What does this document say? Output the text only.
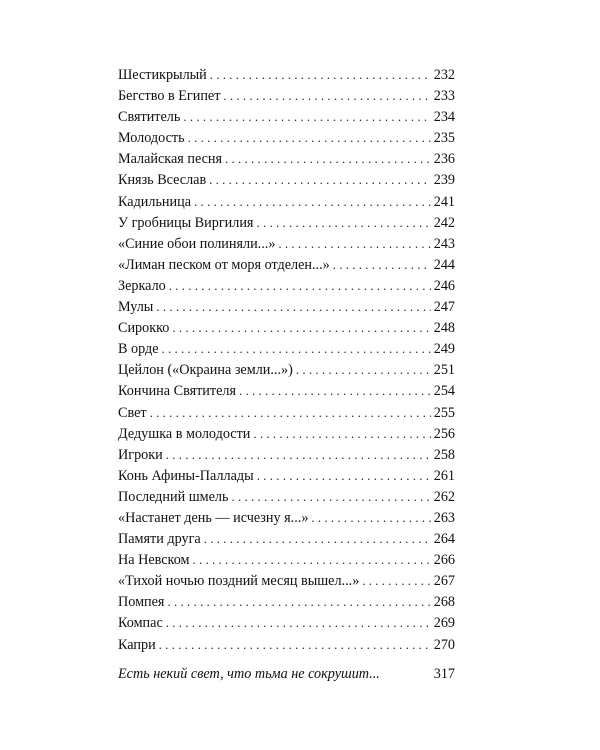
Шестикрылый . . .	232
Бегство в Египет . . .	233
Святитель . . .	234
Молодость . . .	235
Малайская песня . . .	236
Князь Всеслав . . .	239
Кадильница . . .	241
У гробницы Виргилия . . .	242
«Синие обои полиняли...» . . .	243
«Лиман песком от моря отделен...» . . .	244
Зеркало . . .	246
Мулы . . .	247
Сирокко . . .	248
В орде . . .	249
Цейлон («Окраина земли...») . . .	251
Кончина Святителя . . .	254
Свет . . .	255
Дедушка в молодости . . .	256
Игроки . . .	258
Конь Афины-Паллады . . .	261
Последний шмель . . .	262
«Настанет день — исчезну я...» . . .	263
Памяти друга . . .	264
На Невском . . .	266
«Тихой ночью поздний месяц вышел...» . . .	267
Помпея . . .	268
Компас . . .	269
Капри . . .	270
Есть некий свет, что тьма не сокрушит...	317
